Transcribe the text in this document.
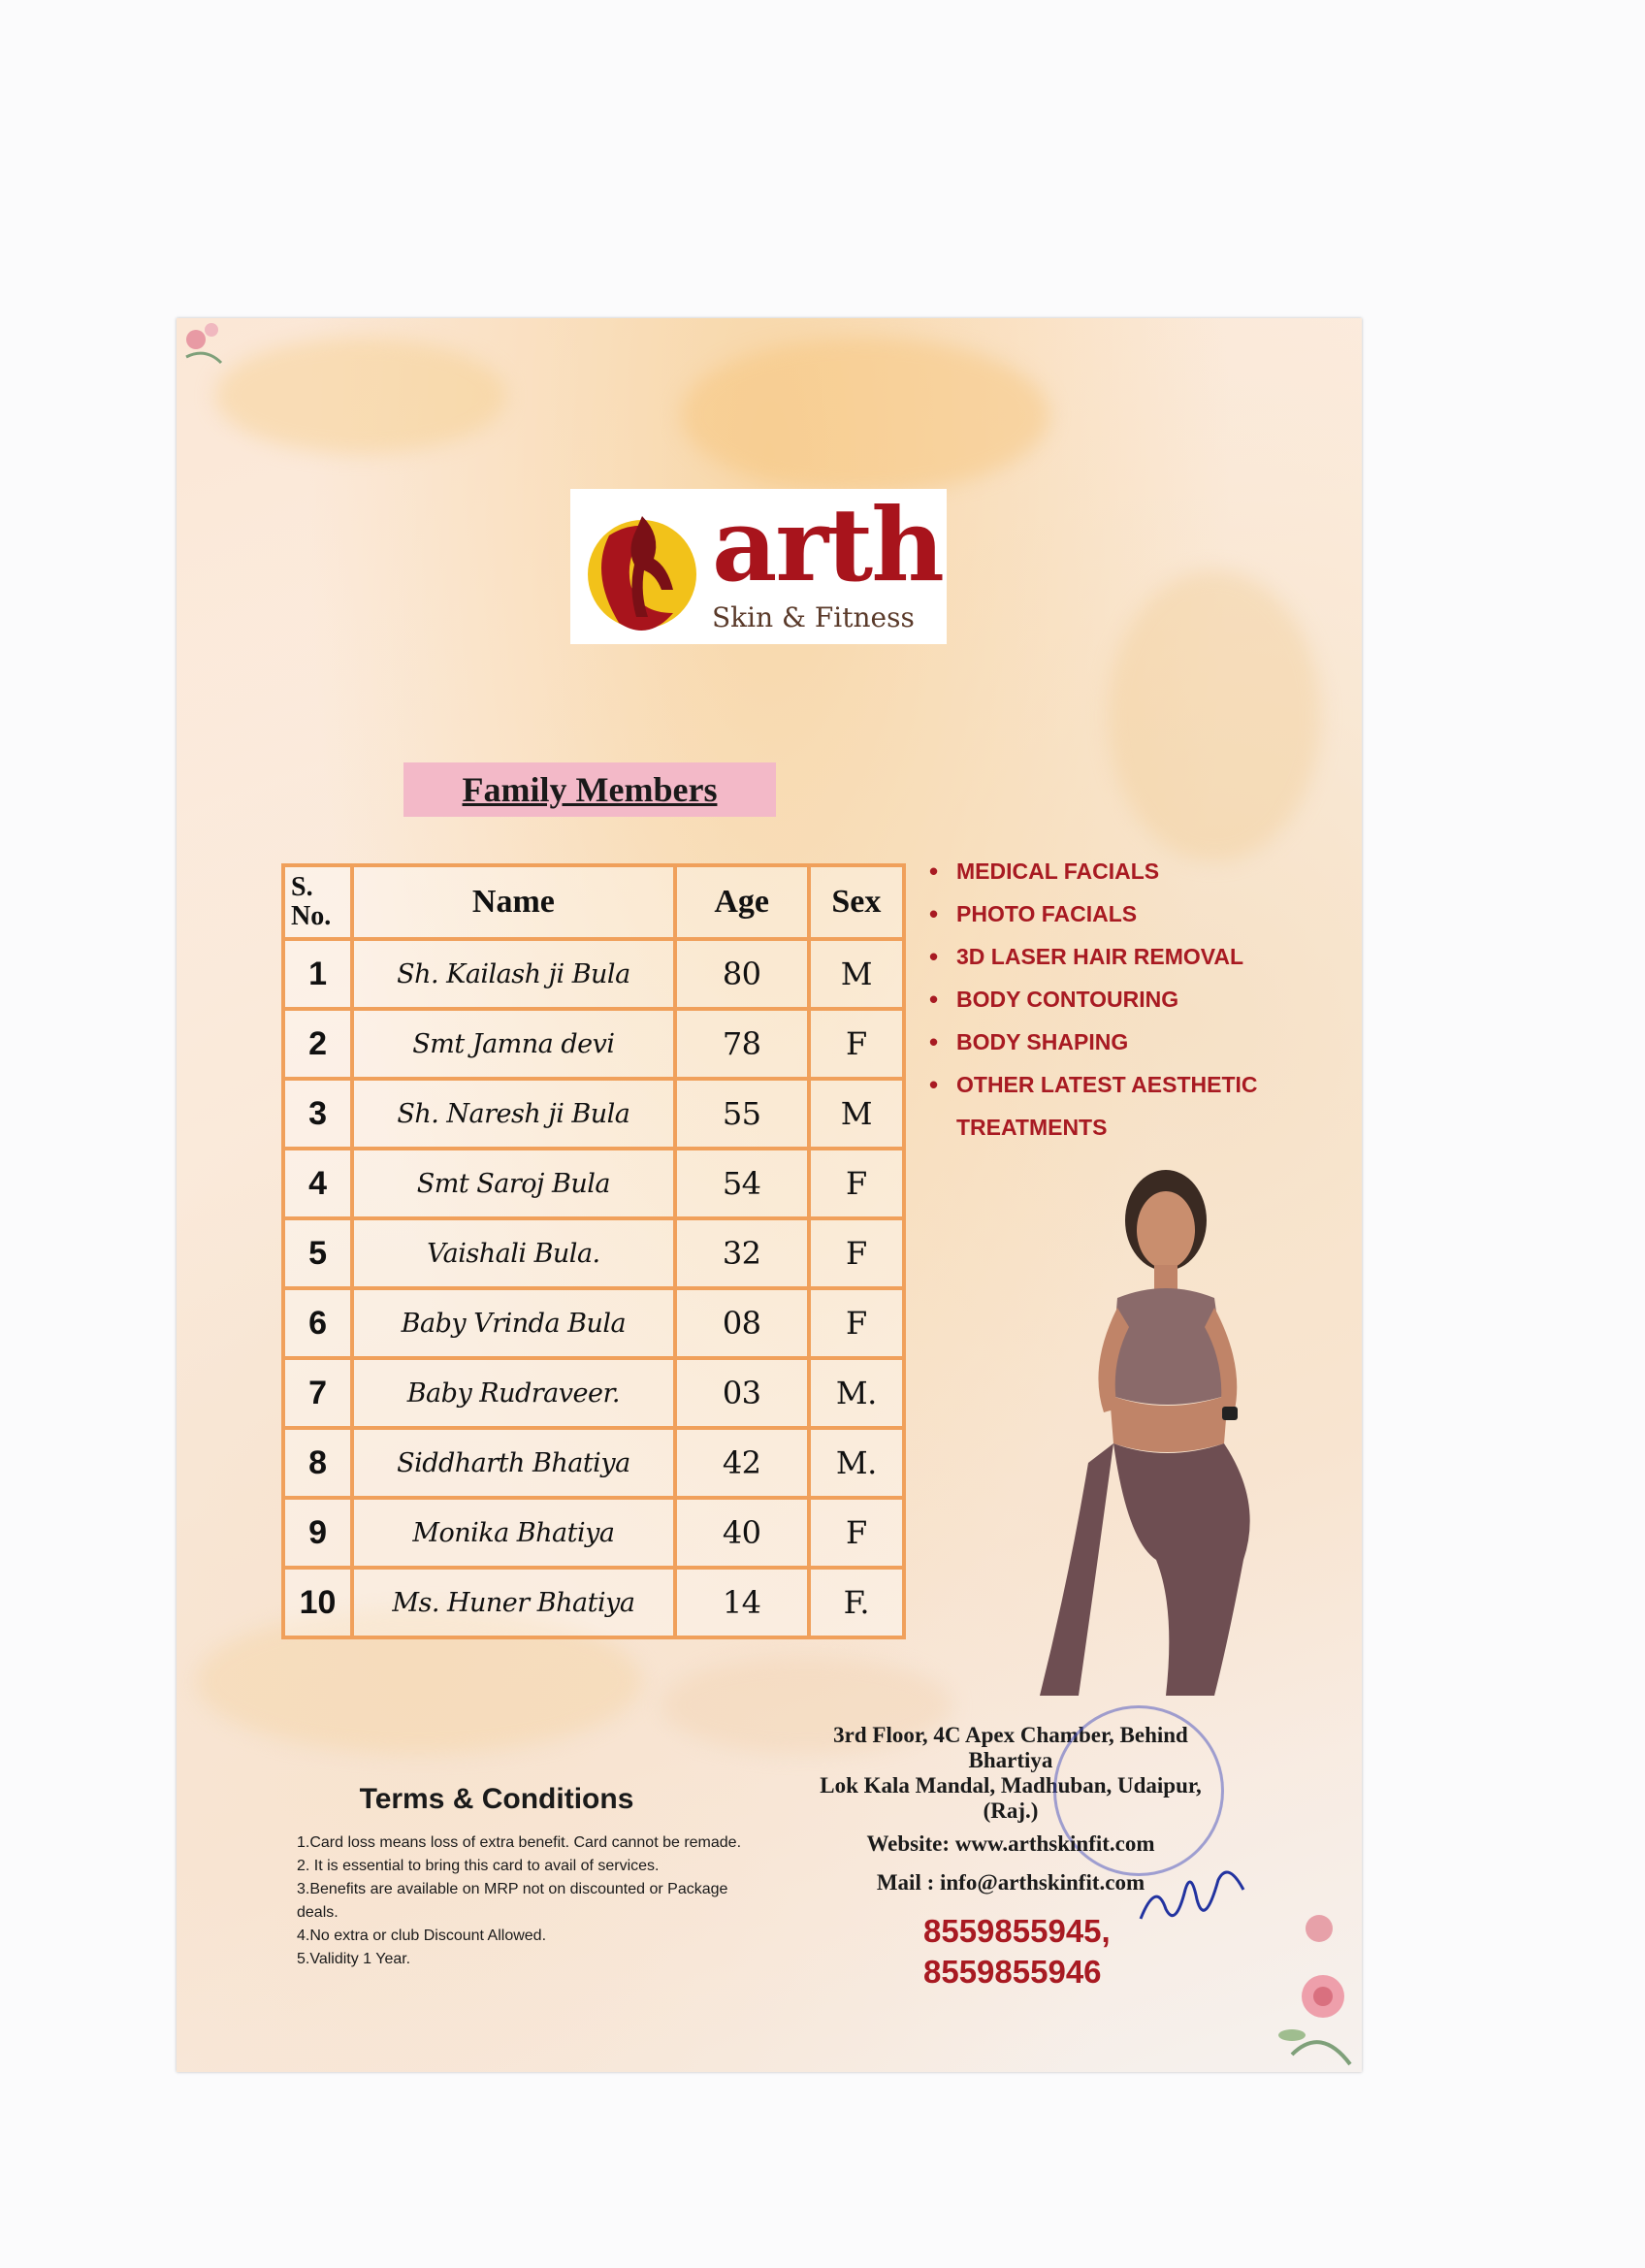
arth
Skin & Fitness
Family Members
S. No.	Name	Age	Sex
1	Sh. Kailash ji Bula	80	M
2	Smt Jamna devi	78	F
3	Sh. Naresh ji Bula	55	M
4	Smt Saroj Bula	54	F
5	Vaishali Bula.	32	F
6	Baby Vrinda Bula	08	F
7	Baby Rudraveer.	03	M.
8	Siddharth Bhatiya	42	M.
9	Monika Bhatiya	40	F
10	Ms. Huner Bhatiya	14	F.
• MEDICAL FACIALS
• PHOTO FACIALS
• 3D LASER HAIR REMOVAL
• BODY CONTOURING
• BODY SHAPING
• OTHER LATEST AESTHETIC TREATMENTS
3rd Floor, 4C Apex Chamber, Behind Bhartiya
Lok Kala Mandal, Madhuban, Udaipur, (Raj.)
Website: www.arthskinfit.com
Mail : info@arthskinfit.com
8559855945,
8559855946
Terms & Conditions
1.Card loss means loss of extra benefit. Card cannot be remade.
2. It is essential to bring this card to avail of services.
3.Benefits are available on MRP not on discounted or Package deals.
4.No extra or club Discount Allowed.
5.Validity 1 Year.
